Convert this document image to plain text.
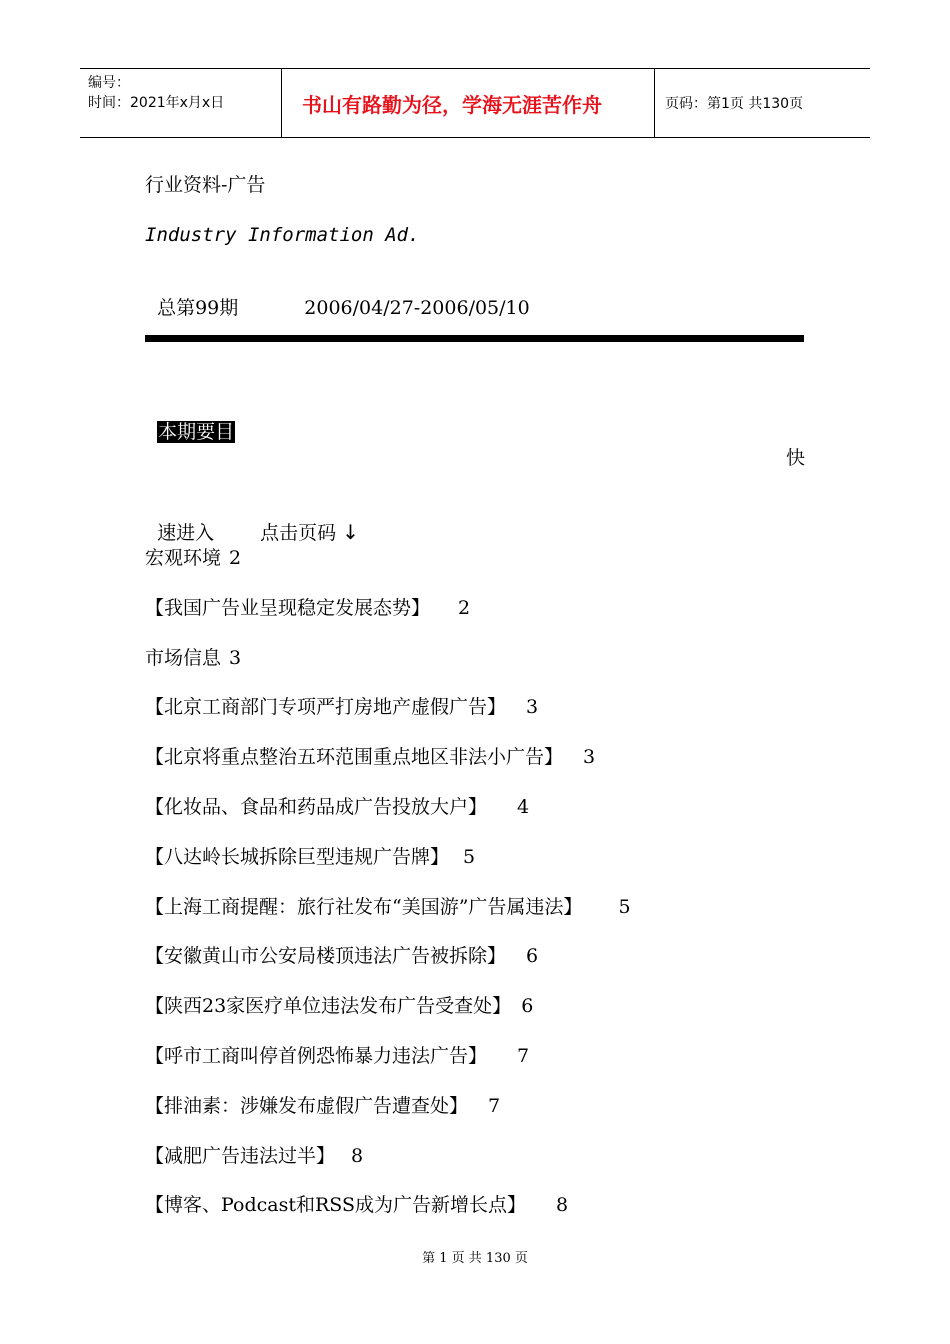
编号：
时间：2021年x月x日	书山有路勤为径，学海无涯苦作舟	页码：第1页 共130页
行业资料-广告
Industry Information Ad.

总第99期	2006/04/27-2006/05/10

本期要目

快

速进入 点击页码 ↓

宏观环境 2
【我国广告业呈现稳定发展态势】 2
市场信息 3
【北京工商部门专项严打房地产虚假广告】 3
【北京将重点整治五环范围重点地区非法小广告】 3
【化妆品、食品和药品成广告投放大户】 4
【八达岭长城拆除巨型违规广告牌】 5
【上海工商提醒：旅行社发布“美国游”广告属违法】 5
【安徽黄山市公安局楼顶违法广告被拆除】 6
【陕西23家医疗单位违法发布广告受查处】 6
【呼市工商叫停首例恐怖暴力违法广告】 7
【排油素：涉嫌发布虚假广告遭查处】 7
【减肥广告违法过半】 8
【博客、Podcast和RSS成为广告新增长点】 8
第 1 页 共 130 页
